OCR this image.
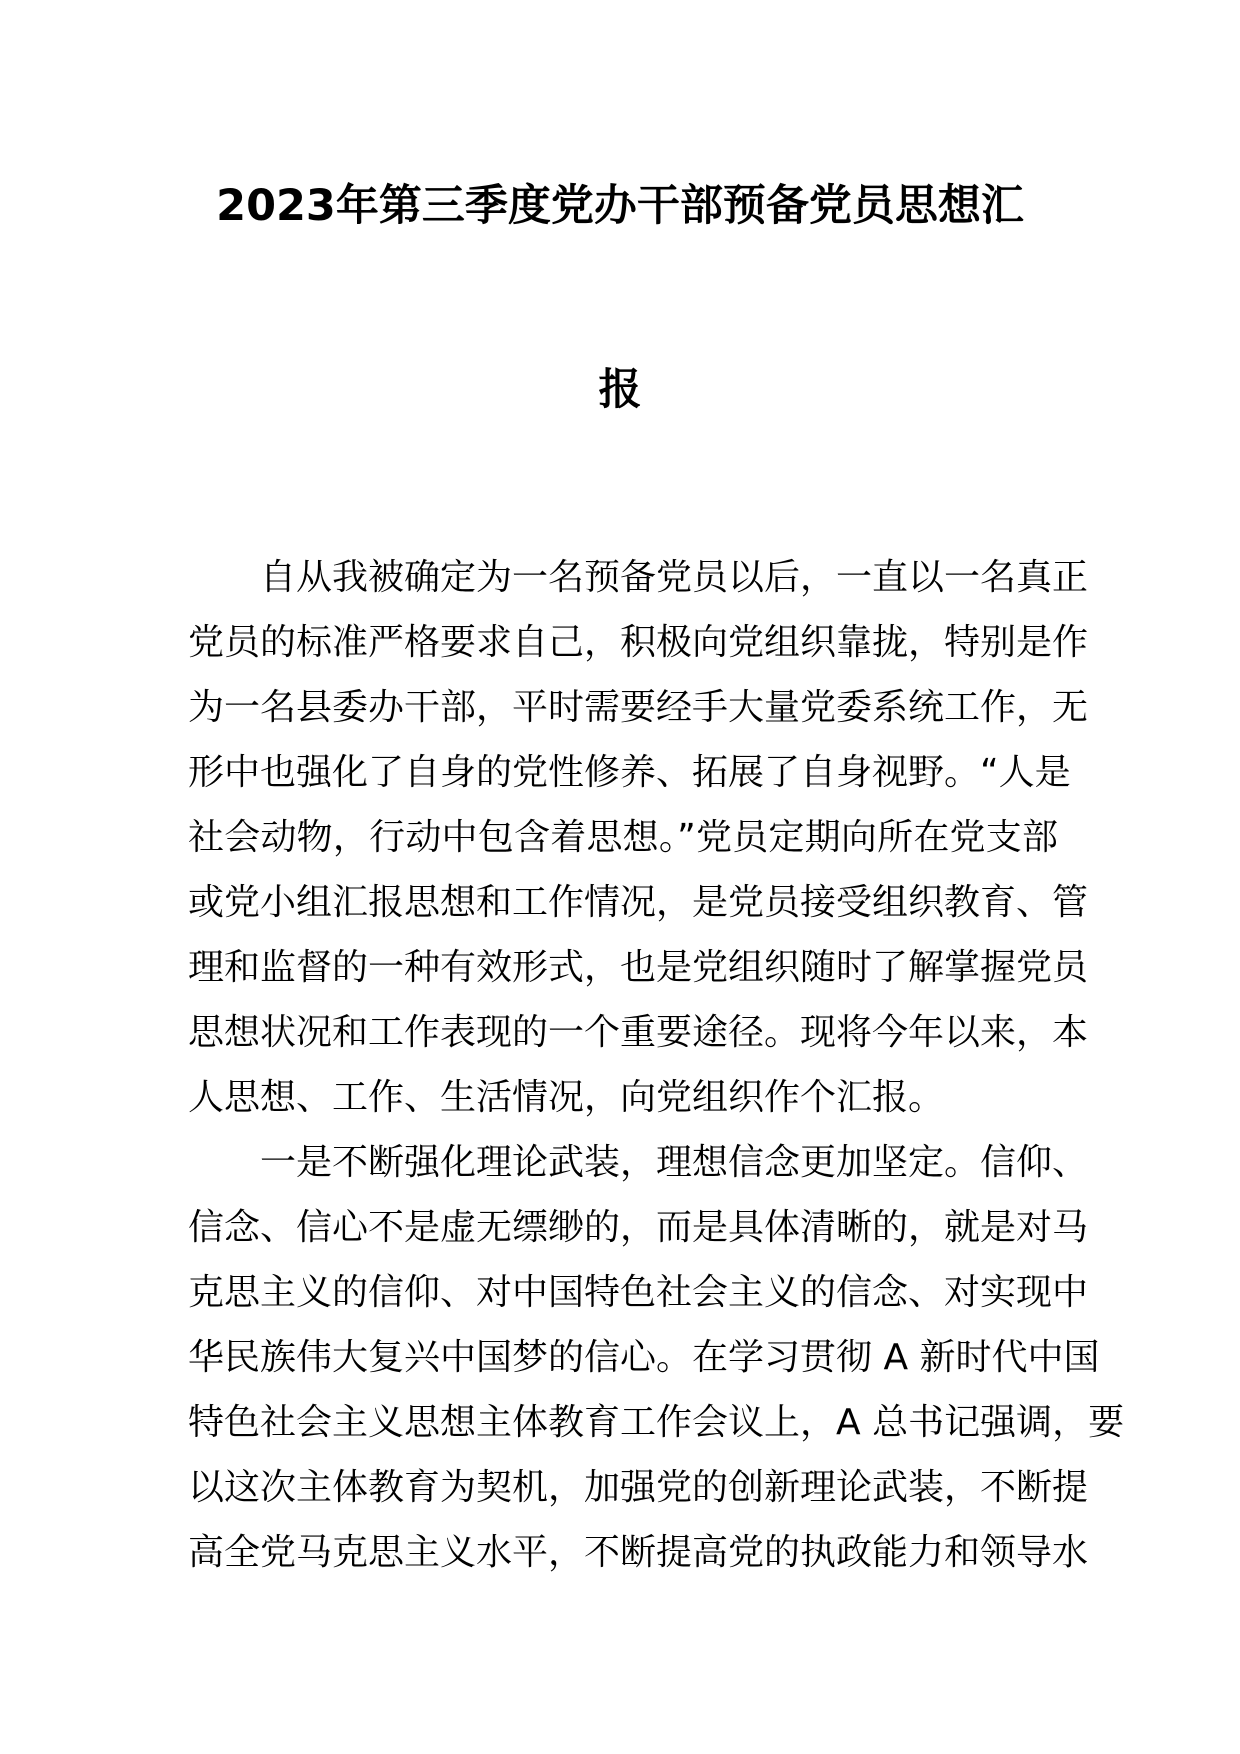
2023年第三季度党办干部预备党员思想汇
报
自从我被确定为一名预备党员以后，一直以一名真正
党员的标准严格要求自己，积极向党组织靠拢，特别是作
为一名县委办干部，平时需要经手大量党委系统工作，无
形中也强化了自身的党性修养、拓展了自身视野。“人是
社会动物，行动中包含着思想。”党员定期向所在党支部
或党小组汇报思想和工作情况，是党员接受组织教育、管
理和监督的一种有效形式，也是党组织随时了解掌握党员
思想状况和工作表现的一个重要途径。现将今年以来，本
人思想、工作、生活情况，向党组织作个汇报。
一是不断强化理论武装，理想信念更加坚定。信仰、
信念、信心不是虚无缥缈的，而是具体清晰的，就是对马
克思主义的信仰、对中国特色社会主义的信念、对实现中
华民族伟大复兴中国梦的信心。在学习贯彻 A 新时代中国
特色社会主义思想主体教育工作会议上，A 总书记强调，要
以这次主体教育为契机，加强党的创新理论武装，不断提
高全党马克思主义水平，不断提高党的执政能力和领导水
